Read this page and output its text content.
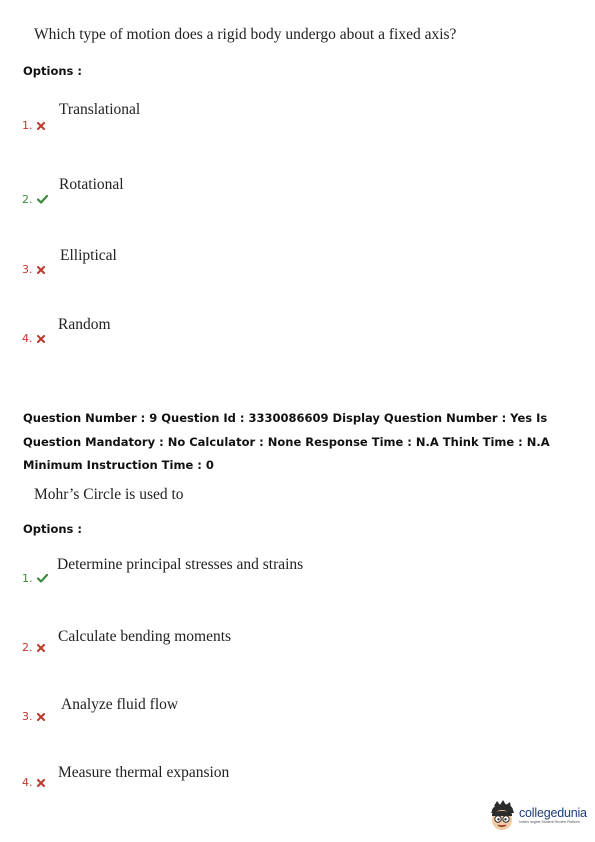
Which type of motion does a rigid body undergo about a fixed axis?
Options :
Translational
1.
Rotational
2.
Elliptical
3.
Random
4.
Question Number : 9 Question Id : 3330086609 Display Question Number : Yes Is Question Mandatory : No Calculator : None Response Time : N.A Think Time : N.A Minimum Instruction Time : 0
Mohr’s Circle is used to
Options :
Determine principal stresses and strains
1.
Calculate bending moments
2.
Analyze fluid flow
3.
Measure thermal expansion
4.
collegedunia
India's largest Student Review Platform
